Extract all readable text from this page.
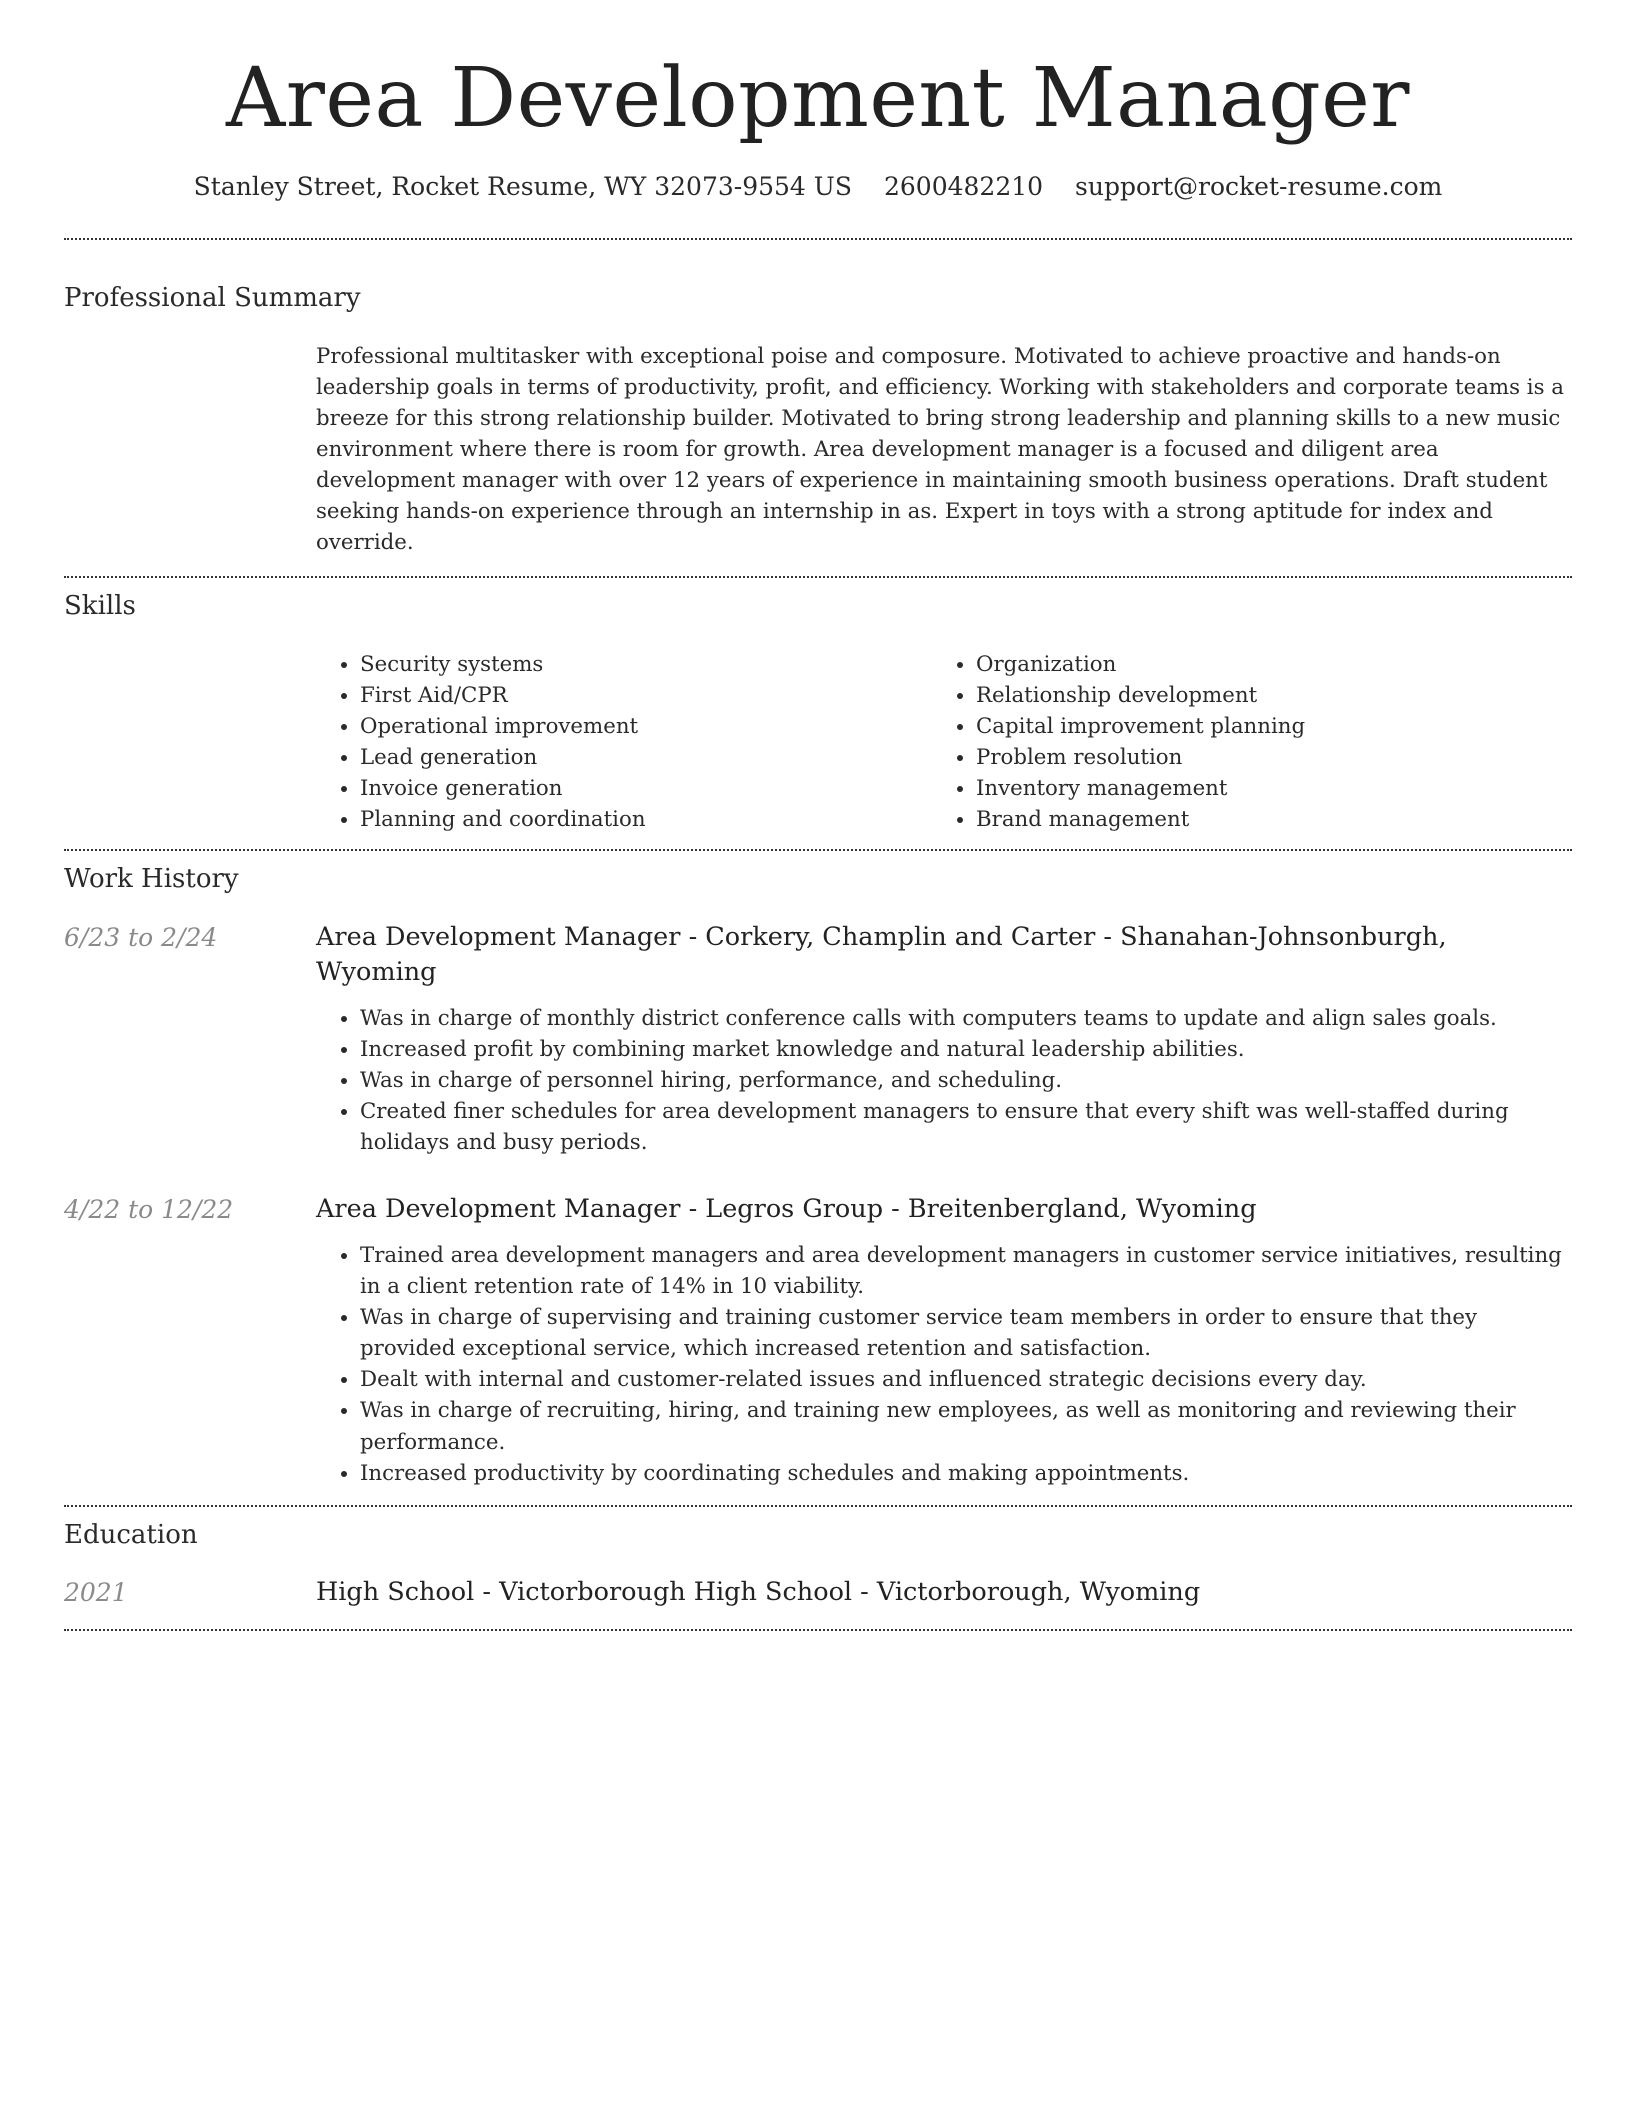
Area Development Manager
Stanley Street, Rocket Resume, WY 32073-9554 US 2600482210 support@rocket-resume.com
Professional Summary

Professional multitasker with exceptional poise and composure. Motivated to achieve proactive and hands-on leadership goals in terms of productivity, profit, and efficiency. Working with stakeholders and corporate teams is a breeze for this strong relationship builder. Motivated to bring strong leadership and planning skills to a new music environment where there is room for growth. Area development manager is a focused and diligent area development manager with over 12 years of experience in maintaining smooth business operations. Draft student seeking hands-on experience through an internship in as. Expert in toys with a strong aptitude for index and override.

Skills
• Security systems
• First Aid/CPR
• Operational improvement
• Lead generation
• Invoice generation
• Planning and coordination
• Organization
• Relationship development
• Capital improvement planning
• Problem resolution
• Inventory management
• Brand management
Work History
6/23 to 2/24	Area Development Manager - Corkery, Champlin and Carter - Shanahan-Johnsonburgh, Wyoming
• Was in charge of monthly district conference calls with computers teams to update and align sales goals.
• Increased profit by combining market knowledge and natural leadership abilities.
• Was in charge of personnel hiring, performance, and scheduling.
• Created finer schedules for area development managers to ensure that every shift was well-staffed during holidays and busy periods.
4/22 to 12/22	Area Development Manager - Legros Group - Breitenbergland, Wyoming
• Trained area development managers and area development managers in customer service initiatives, resulting in a client retention rate of 14% in 10 viability.
• Was in charge of supervising and training customer service team members in order to ensure that they provided exceptional service, which increased retention and satisfaction.
• Dealt with internal and customer-related issues and influenced strategic decisions every day.
• Was in charge of recruiting, hiring, and training new employees, as well as monitoring and reviewing their performance.
• Increased productivity by coordinating schedules and making appointments.
Education
2021	High School - Victorborough High School - Victorborough, Wyoming
